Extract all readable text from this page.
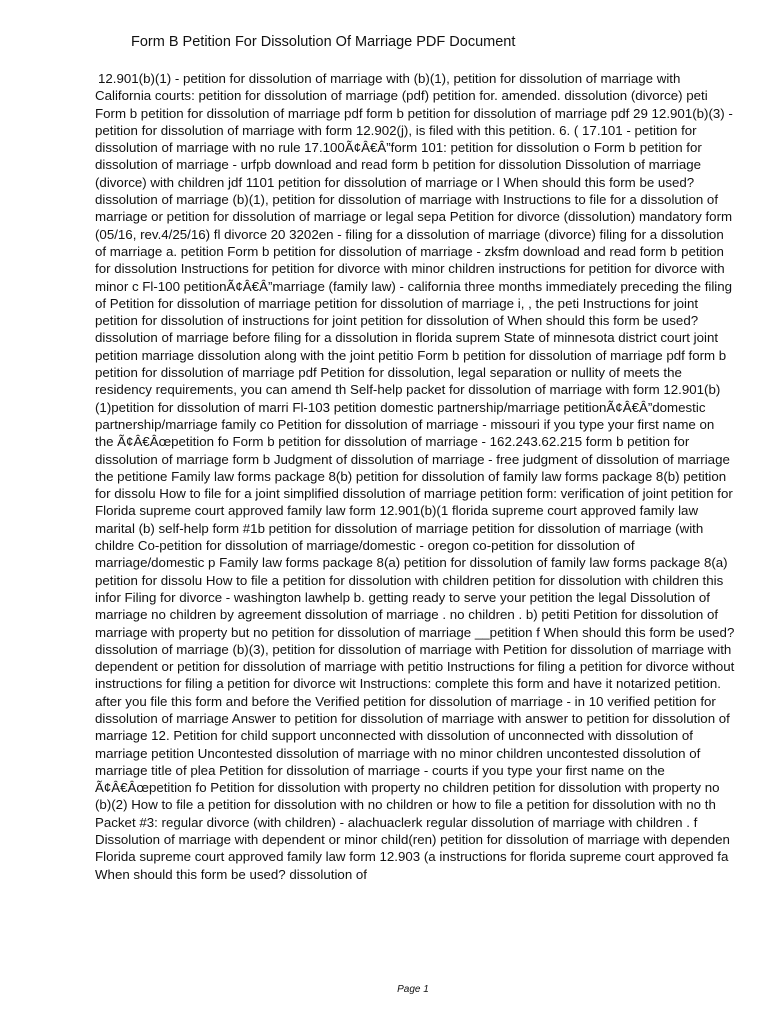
Form B Petition For Dissolution Of Marriage PDF Document

12.901(b)(1) - petition for dissolution of marriage with (b)(1), petition for dissolution of marriage with California courts: petition for dissolution of marriage (pdf) petition for. amended. dissolution (divorce) peti Form b petition for dissolution of marriage pdf form b petition for dissolution of marriage pdf 29 12.901(b)(3) - petition for dissolution of marriage with form 12.902(j), is filed with this petition. 6. ( 17.101 - petition for dissolution of marriage with no rule 17.100Ã¢Â€Â”form 101: petition for dissolution o Form b petition for dissolution of marriage - urfpb download and read form b petition for dissolution Dissolution of marriage (divorce) with children jdf 1101 petition for dissolution of marriage or l When should this form be used? dissolution of marriage (b)(1), petition for dissolution of marriage with Instructions to file for a dissolution of marriage or petition for dissolution of marriage or legal sepa Petition for divorce (dissolution) mandatory form (05/16, rev.4/25/16) fl divorce 20 3202en - filing for a dissolution of marriage (divorce) filing for a dissolution of marriage a. petition Form b petition for dissolution of marriage - zksfm download and read form b petition for dissolution Instructions for petition for divorce with minor children instructions for petition for divorce with minor c Fl-100 petitionÃ¢Â€Â”marriage (family law) - california three months immediately preceding the filing of Petition for dissolution of marriage petition for dissolution of marriage i, , the peti Instructions for joint petition for dissolution of instructions for joint petition for dissolution of When should this form be used? dissolution of marriage before filing for a dissolution in florida suprem State of minnesota district court joint petition marriage dissolution along with the joint petitio Form b petition for dissolution of marriage pdf form b petition for dissolution of marriage pdf Petition for dissolution, legal separation or nullity of meets the residency requirements, you can amend th Self-help packet for dissolution of marriage with form 12.901(b)(1)petition for dissolution of marri Fl-103 petition domestic partnership/marriage petitionÃ¢Â€Â”domestic partnership/marriage family co Petition for dissolution of marriage - missouri if you type your first name on the Ã¢Â€Âœpetition fo Form b petition for dissolution of marriage - 162.243.62.215 form b petition for dissolution of marriage form b Judgment of dissolution of marriage - free judgment of dissolution of marriage the petitione Family law forms package 8(b) petition for dissolution of family law forms package 8(b) petition for dissolu How to file for a joint simplified dissolution of marriage petition form: verification of joint petition for Florida supreme court approved family law form 12.901(b)(1 florida supreme court approved family law marital (b) self-help form #1b petition for dissolution of marriage petition for dissolution of marriage (with childre Co-petition for dissolution of marriage/domestic - oregon co-petition for dissolution of marriage/domestic p Family law forms package 8(a) petition for dissolution of family law forms package 8(a) petition for dissolu How to file a petition for dissolution with children petition for dissolution with children this infor Filing for divorce - washington lawhelp b. getting ready to serve your petition the legal Dissolution of marriage no children by agreement dissolution of marriage . no children . b) petiti Petition for dissolution of marriage with property but no petition for dissolution of marriage __petition f When should this form be used? dissolution of marriage (b)(3), petition for dissolution of marriage with Petition for dissolution of marriage with dependent or petition for dissolution of marriage with petitio Instructions for filing a petition for divorce without instructions for filing a petition for divorce wit Instructions: complete this form and have it notarized petition. after you file this form and before the Verified petition for dissolution of marriage - in 10 verified petition for dissolution of marriage Answer to petition for dissolution of marriage with answer to petition for dissolution of marriage 12. Petition for child support unconnected with dissolution of unconnected with dissolution of marriage petition Uncontested dissolution of marriage with no minor children uncontested dissolution of marriage title of plea Petition for dissolution of marriage - courts if you type your first name on the Ã¢Â€Âœpetition fo Petition for dissolution with property no children petition for dissolution with property no (b)(2) How to file a petition for dissolution with no children or how to file a petition for dissolution with no th Packet #3: regular divorce (with children) - alachuaclerk regular dissolution of marriage with children . f Dissolution of marriage with dependent or minor child(ren) petition for dissolution of marriage with dependen Florida supreme court approved family law form 12.903 (a instructions for florida supreme court approved fa When should this form be used? dissolution of

Page 1
